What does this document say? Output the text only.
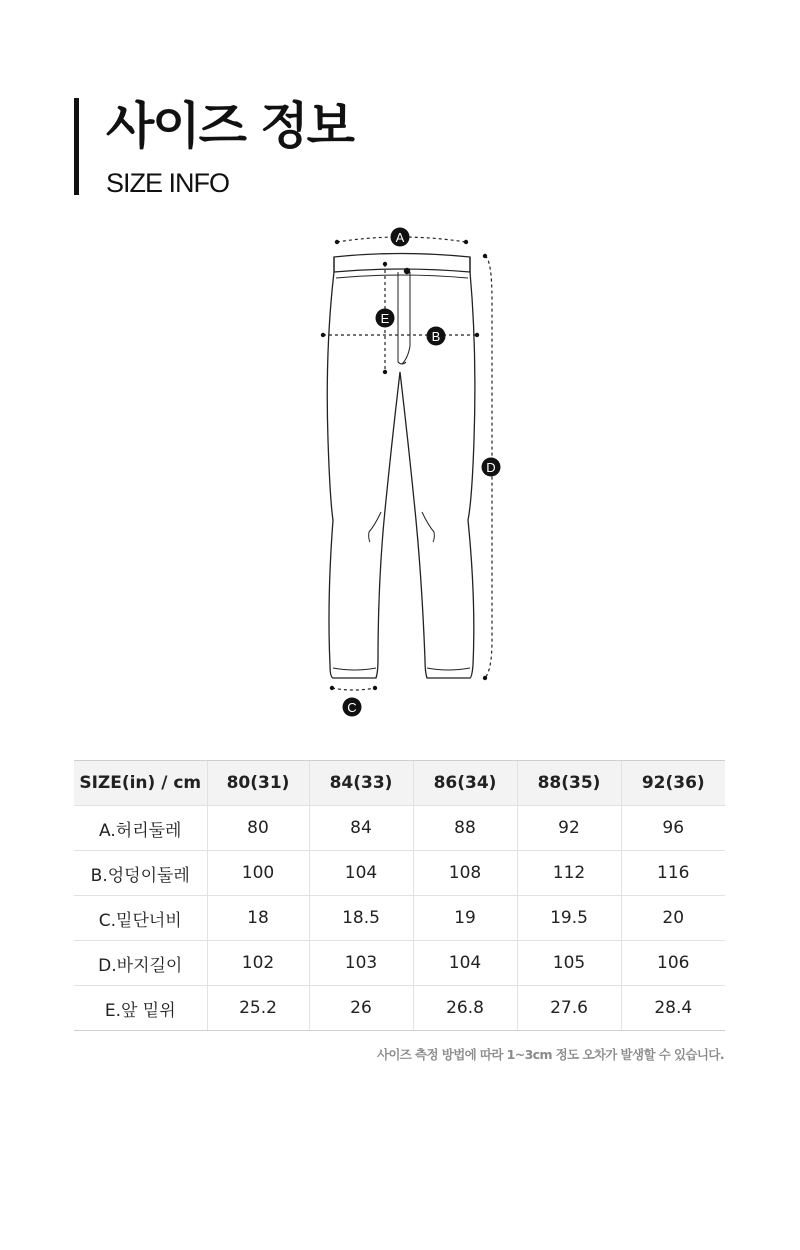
사이즈 정보
SIZE INFO
A
B
C
D
E
SIZE(in) / cm	80(31)	84(33)	86(34)	88(35)	92(36)
A.허리둘레	80	84	88	92	96
B.엉덩이둘레	100	104	108	112	116
C.밑단너비	18	18.5	19	19.5	20
D.바지길이	102	103	104	105	106
E.앞 밑위	25.2	26	26.8	27.6	28.4
사이즈 측정 방법에 따라 1~3cm 정도 오차가 발생할 수 있습니다.
